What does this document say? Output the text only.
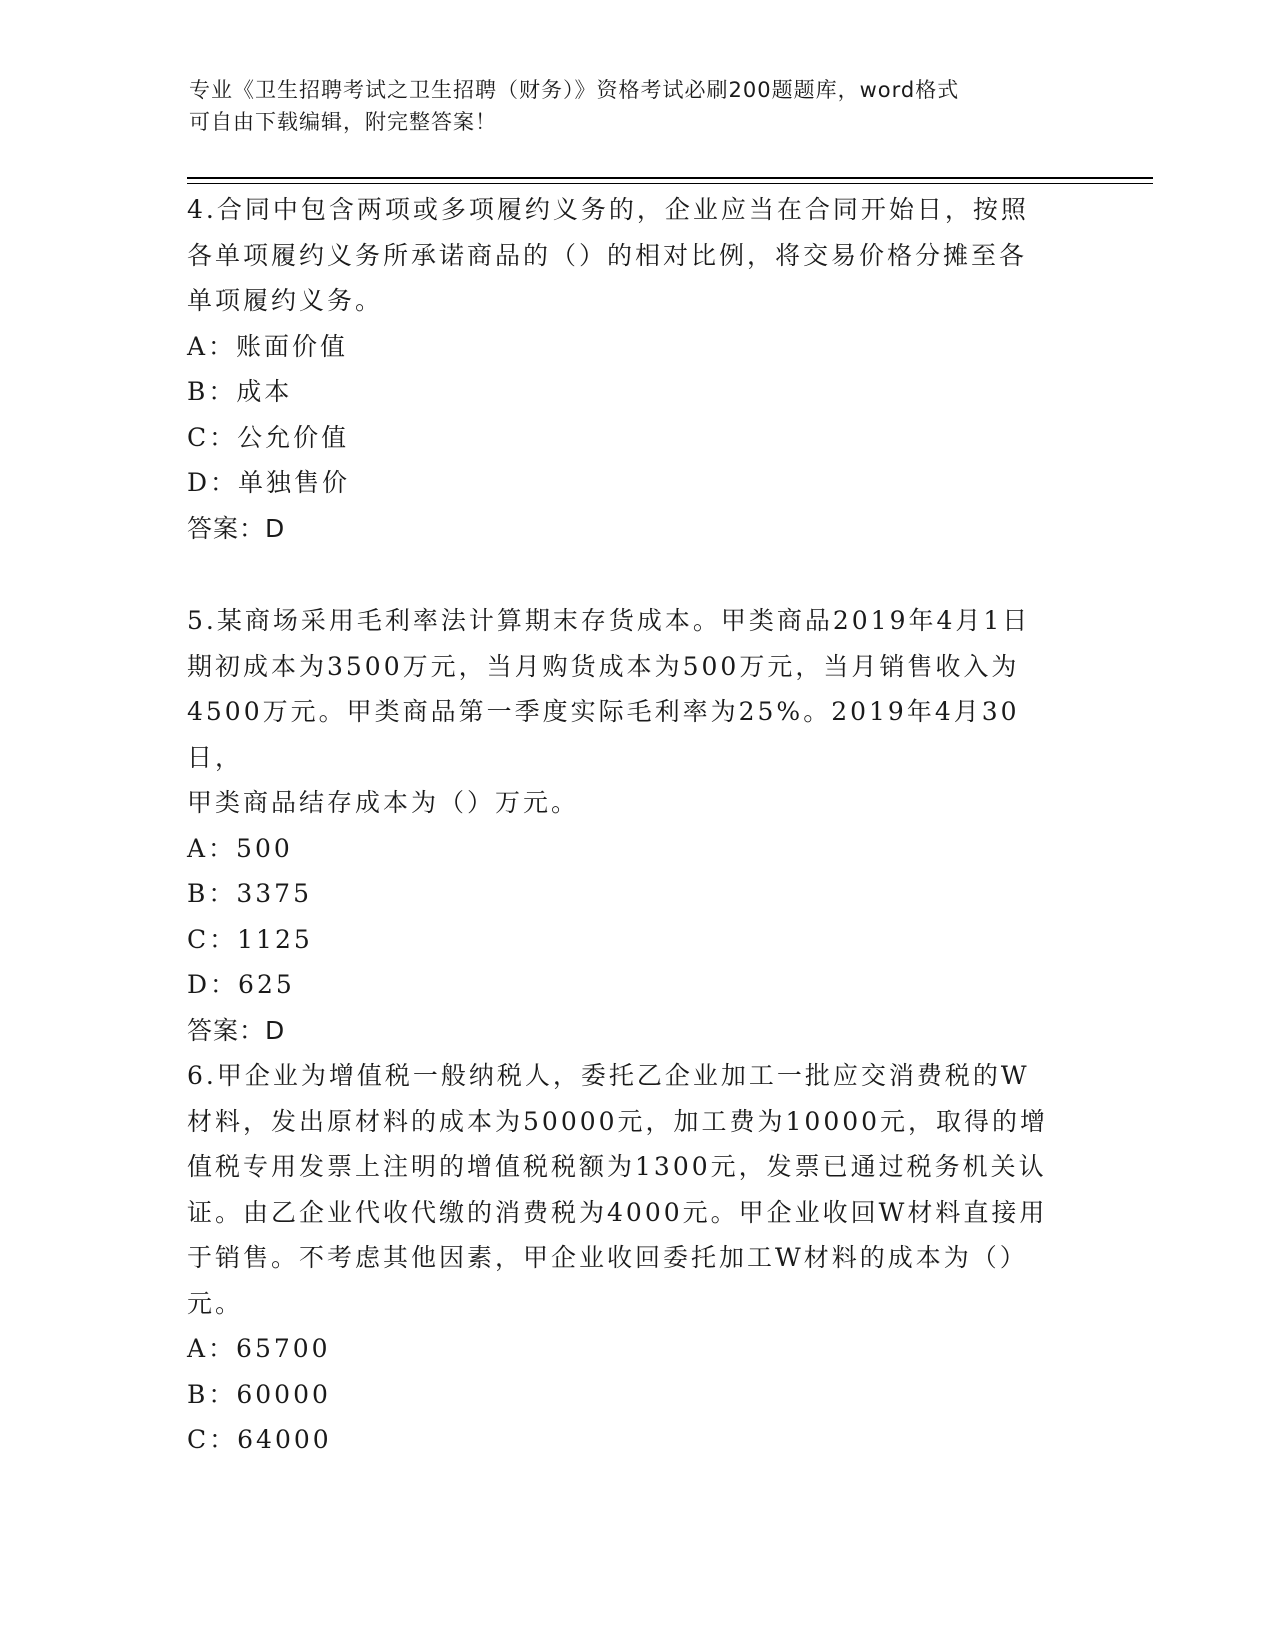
专业《卫生招聘考试之卫生招聘（财务）》资格考试必刷200题题库，word格式
可自由下载编辑，附完整答案！

4.合同中包含两项或多项履约义务的，企业应当在合同开始日，按照

各单项履约义务所承诺商品的（）的相对比例，将交易价格分摊至各

单项履约义务。

A：账面价值

B：成本

C：公允价值

D：单独售价

答案：D

5.某商场采用毛利率法计算期末存货成本。甲类商品2019年4月1日

期初成本为3500万元，当月购货成本为500万元，当月销售收入为

4500万元。甲类商品第一季度实际毛利率为25%。2019年4月30日，

甲类商品结存成本为（）万元。

A：500

B：3375

C：1125

D：625

答案：D

6.甲企业为增值税一般纳税人，委托乙企业加工一批应交消费税的W

材料，发出原材料的成本为50000元，加工费为10000元，取得的增

值税专用发票上注明的增值税税额为1300元，发票已通过税务机关认

证。由乙企业代收代缴的消费税为4000元。甲企业收回W材料直接用

于销售。不考虑其他因素，甲企业收回委托加工W材料的成本为（）

元。

A：65700

B：60000

C：64000
